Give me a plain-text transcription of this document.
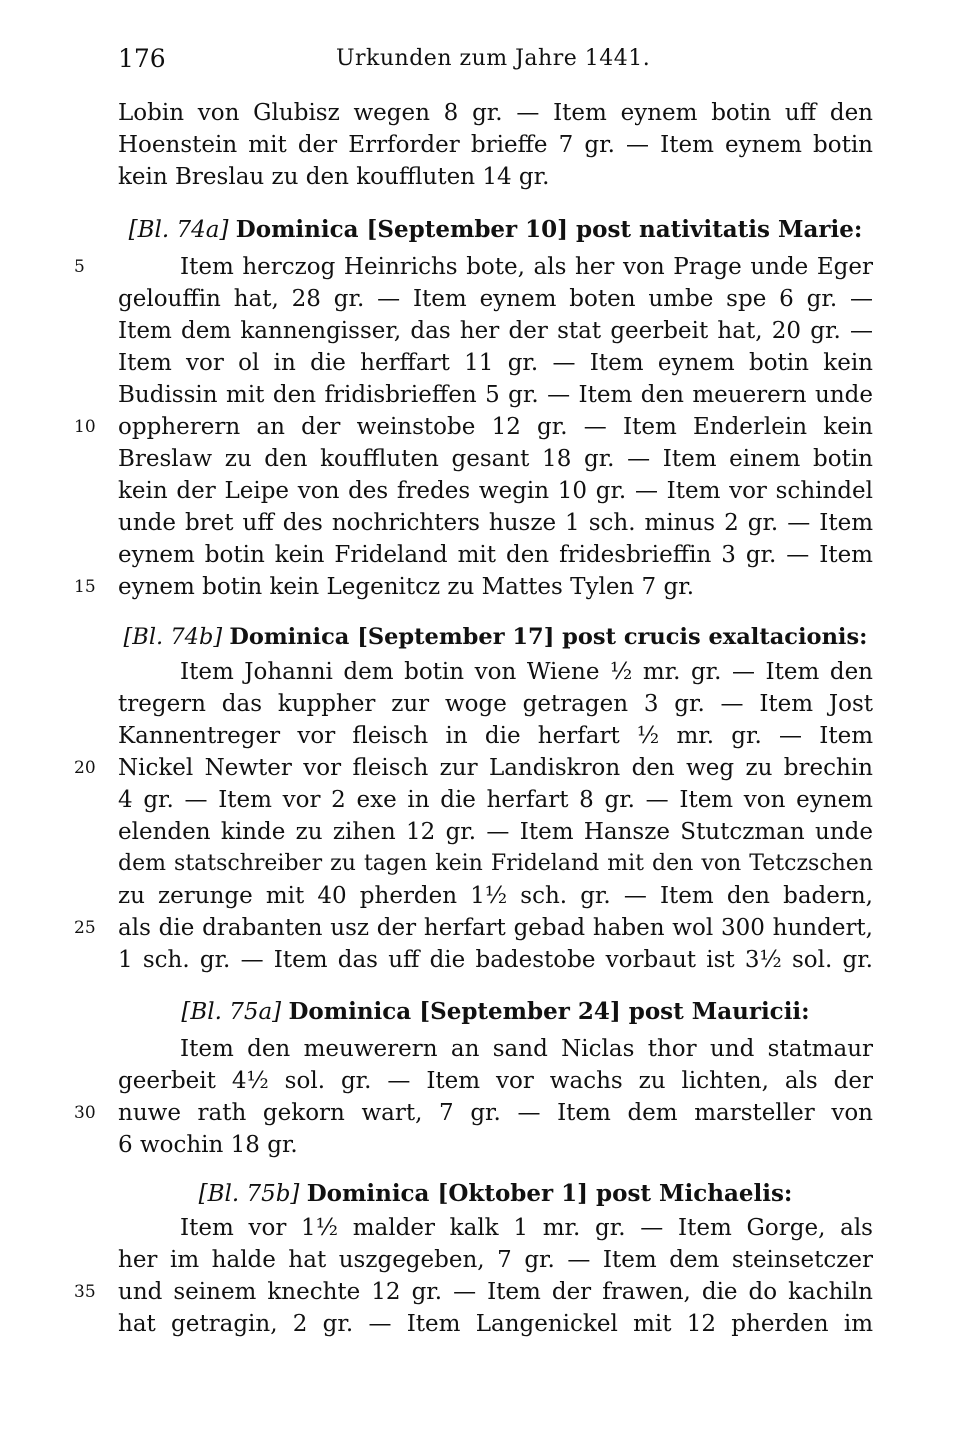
176	Urkunden zum Jahre 1441.
Lobin von Glubisz wegen 8 gr. — Item eynem botin uff den
Hoenstein mit der Errforder brieffe 7 gr. — Item eynem botin
kein Breslau zu den kouffluten 14 gr.
[Bl. 74a] Dominica [September 10] post nativitatis Marie:
5	Item herczog Heinrichs bote, als her von Prage unde Eger
gelouffin hat, 28 gr. — Item eynem boten umbe spe 6 gr. —
Item dem kannengisser, das her der stat geerbeit hat, 20 gr. —
Item vor ol in die herffart 11 gr. — Item eynem botin kein
Budissin mit den fridisbrieffen 5 gr. — Item den meuerern unde
10 oppherern an der weinstobe 12 gr. — Item Enderlein kein
Breslaw zu den kouffluten gesant 18 gr. — Item einem botin
kein der Leipe von des fredes wegin 10 gr. — Item vor schindel
unde bret uff des nochrichters husze 1 sch. minus 2 gr. — Item
eynem botin kein Frideland mit den fridesbrieffin 3 gr. — Item
15 eynem botin kein Legenitcz zu Mattes Tylen 7 gr.
[Bl. 74b] Dominica [September 17] post crucis exaltacionis:
Item Johanni dem botin von Wiene ½ mr. gr. — Item den
tregern das kuppher zur woge getragen 3 gr. — Item Jost
Kannentreger vor fleisch in die herfart ½ mr. gr. — Item
20 Nickel Newter vor fleisch zur Landiskron den weg zu brechin
4 gr. — Item vor 2 exe in die herfart 8 gr. — Item von eynem
elenden kinde zu zihen 12 gr. — Item Hansze Stutczman unde
dem statschreiber zu tagen kein Frideland mit den von Tetczschen
zu zerunge mit 40 pherden 1½ sch. gr. — Item den badern,
25 als die drabanten usz der herfart gebad haben wol 300 hundert,
1 sch. gr. — Item das uff die badestobe vorbaut ist 3½ sol. gr.
[Bl. 75a] Dominica [September 24] post Mauricii:
Item den meuwerern an sand Niclas thor und statmaur
geerbeit 4½ sol. gr. — Item vor wachs zu lichten, als der
30 nuwe rath gekorn wart, 7 gr. — Item dem marsteller von
6 wochin 18 gr.
[Bl. 75b] Dominica [Oktober 1] post Michaelis:
Item vor 1½ malder kalk 1 mr. gr. — Item Gorge, als
her im halde hat uszgegeben, 7 gr. — Item dem steinsetczer
35 und seinem knechte 12 gr. — Item der frawen, die do kachiln
hat getragin, 2 gr. — Item Langenickel mit 12 pherden im
